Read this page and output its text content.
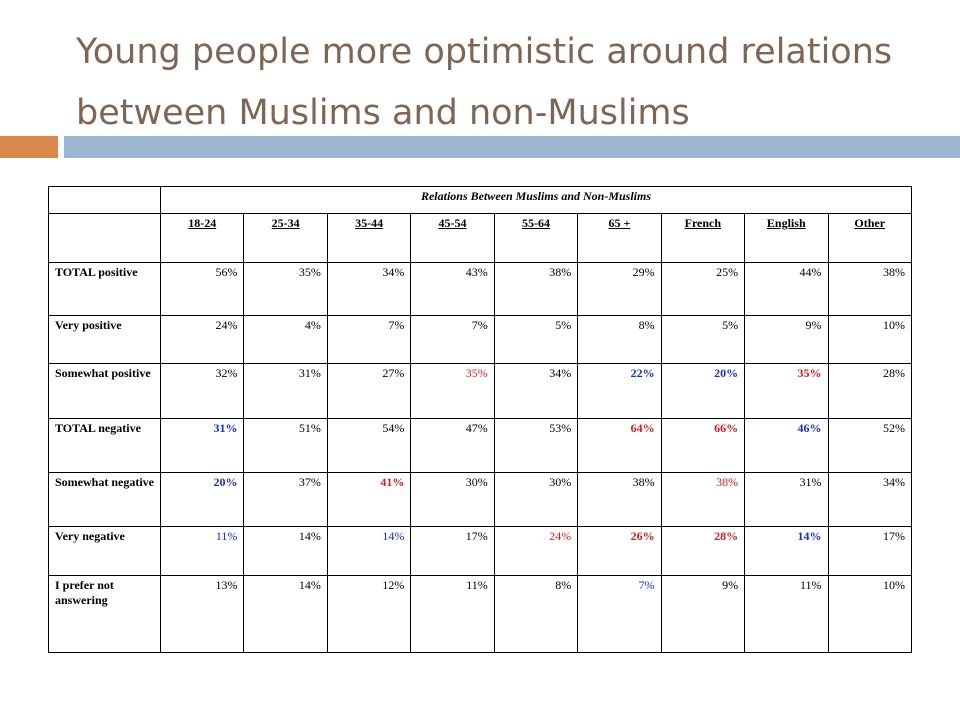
Young people more optimistic around relations
between Muslims and non-Muslims
	Relations Between Muslims and Non-Muslims								
	18-24	25-34	35-44	45-54	55-64	65 +	French	English	Other
TOTAL positive	56%	35%	34%	43%	38%	29%	25%	44%	38%
Very positive	24%	4%	7%	7%	5%	8%	5%	9%	10%
Somewhat positive	32%	31%	27%	35%	34%	22%	20%	35%	28%
TOTAL negative	31%	51%	54%	47%	53%	64%	66%	46%	52%
Somewhat negative	20%	37%	41%	30%	30%	38%	38%	31%	34%
Very negative	11%	14%	14%	17%	24%	26%	28%	14%	17%
I prefer not answering	13%	14%	12%	11%	8%	7%	9%	11%	10%
